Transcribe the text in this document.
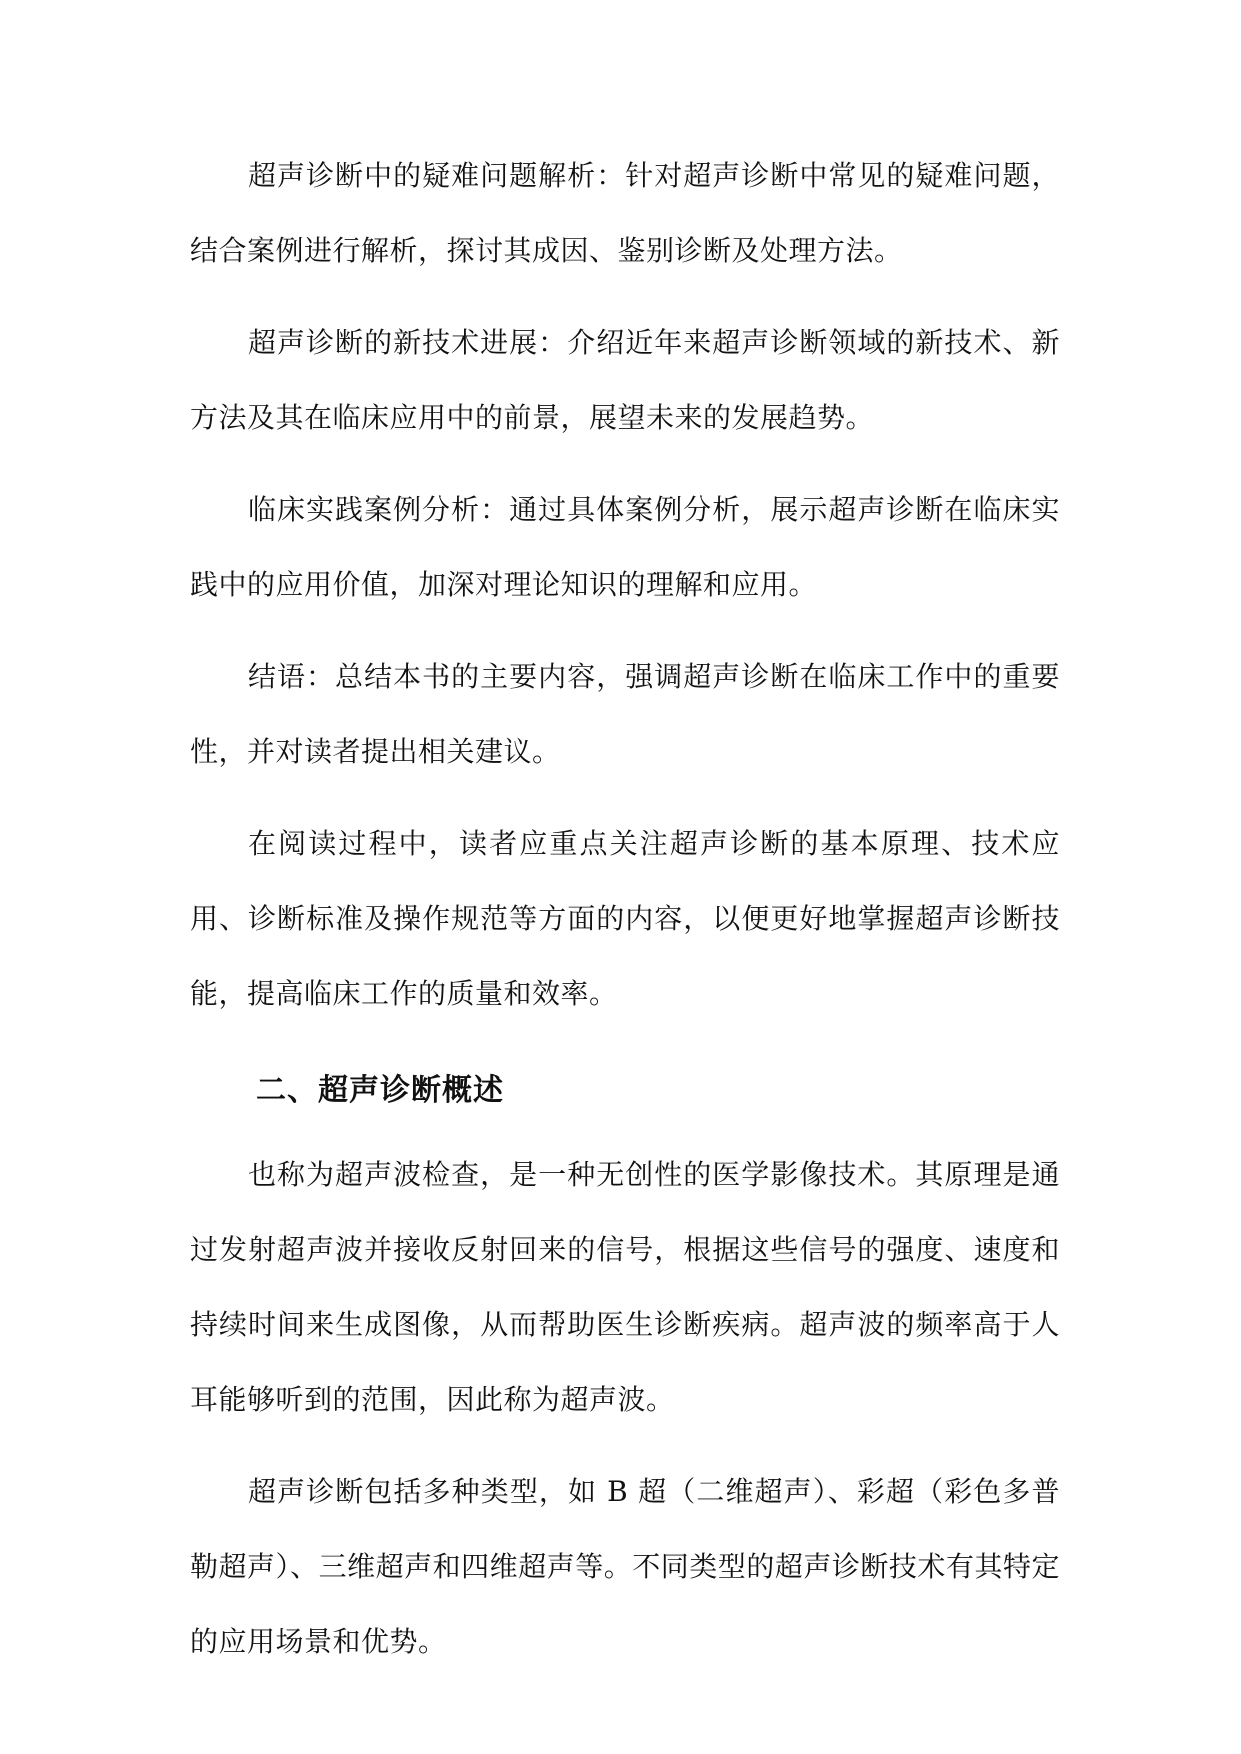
超声诊断中的疑难问题解析：针对超声诊断中常见的疑难问题，结合案例进行解析，探讨其成因、鉴别诊断及处理方法。

超声诊断的新技术进展：介绍近年来超声诊断领域的新技术、新方法及其在临床应用中的前景，展望未来的发展趋势。

临床实践案例分析：通过具体案例分析，展示超声诊断在临床实践中的应用价值，加深对理论知识的理解和应用。

结语：总结本书的主要内容，强调超声诊断在临床工作中的重要性，并对读者提出相关建议。

在阅读过程中，读者应重点关注超声诊断的基本原理、技术应用、诊断标准及操作规范等方面的内容，以便更好地掌握超声诊断技能，提高临床工作的质量和效率。

二、超声诊断概述

也称为超声波检查，是一种无创性的医学影像技术。其原理是通过发射超声波并接收反射回来的信号，根据这些信号的强度、速度和持续时间来生成图像，从而帮助医生诊断疾病。超声波的频率高于人耳能够听到的范围，因此称为超声波。

超声诊断包括多种类型，如 B 超（二维超声）、彩超（彩色多普勒超声）、三维超声和四维超声等。不同类型的超声诊断技术有其特定的应用场景和优势。
